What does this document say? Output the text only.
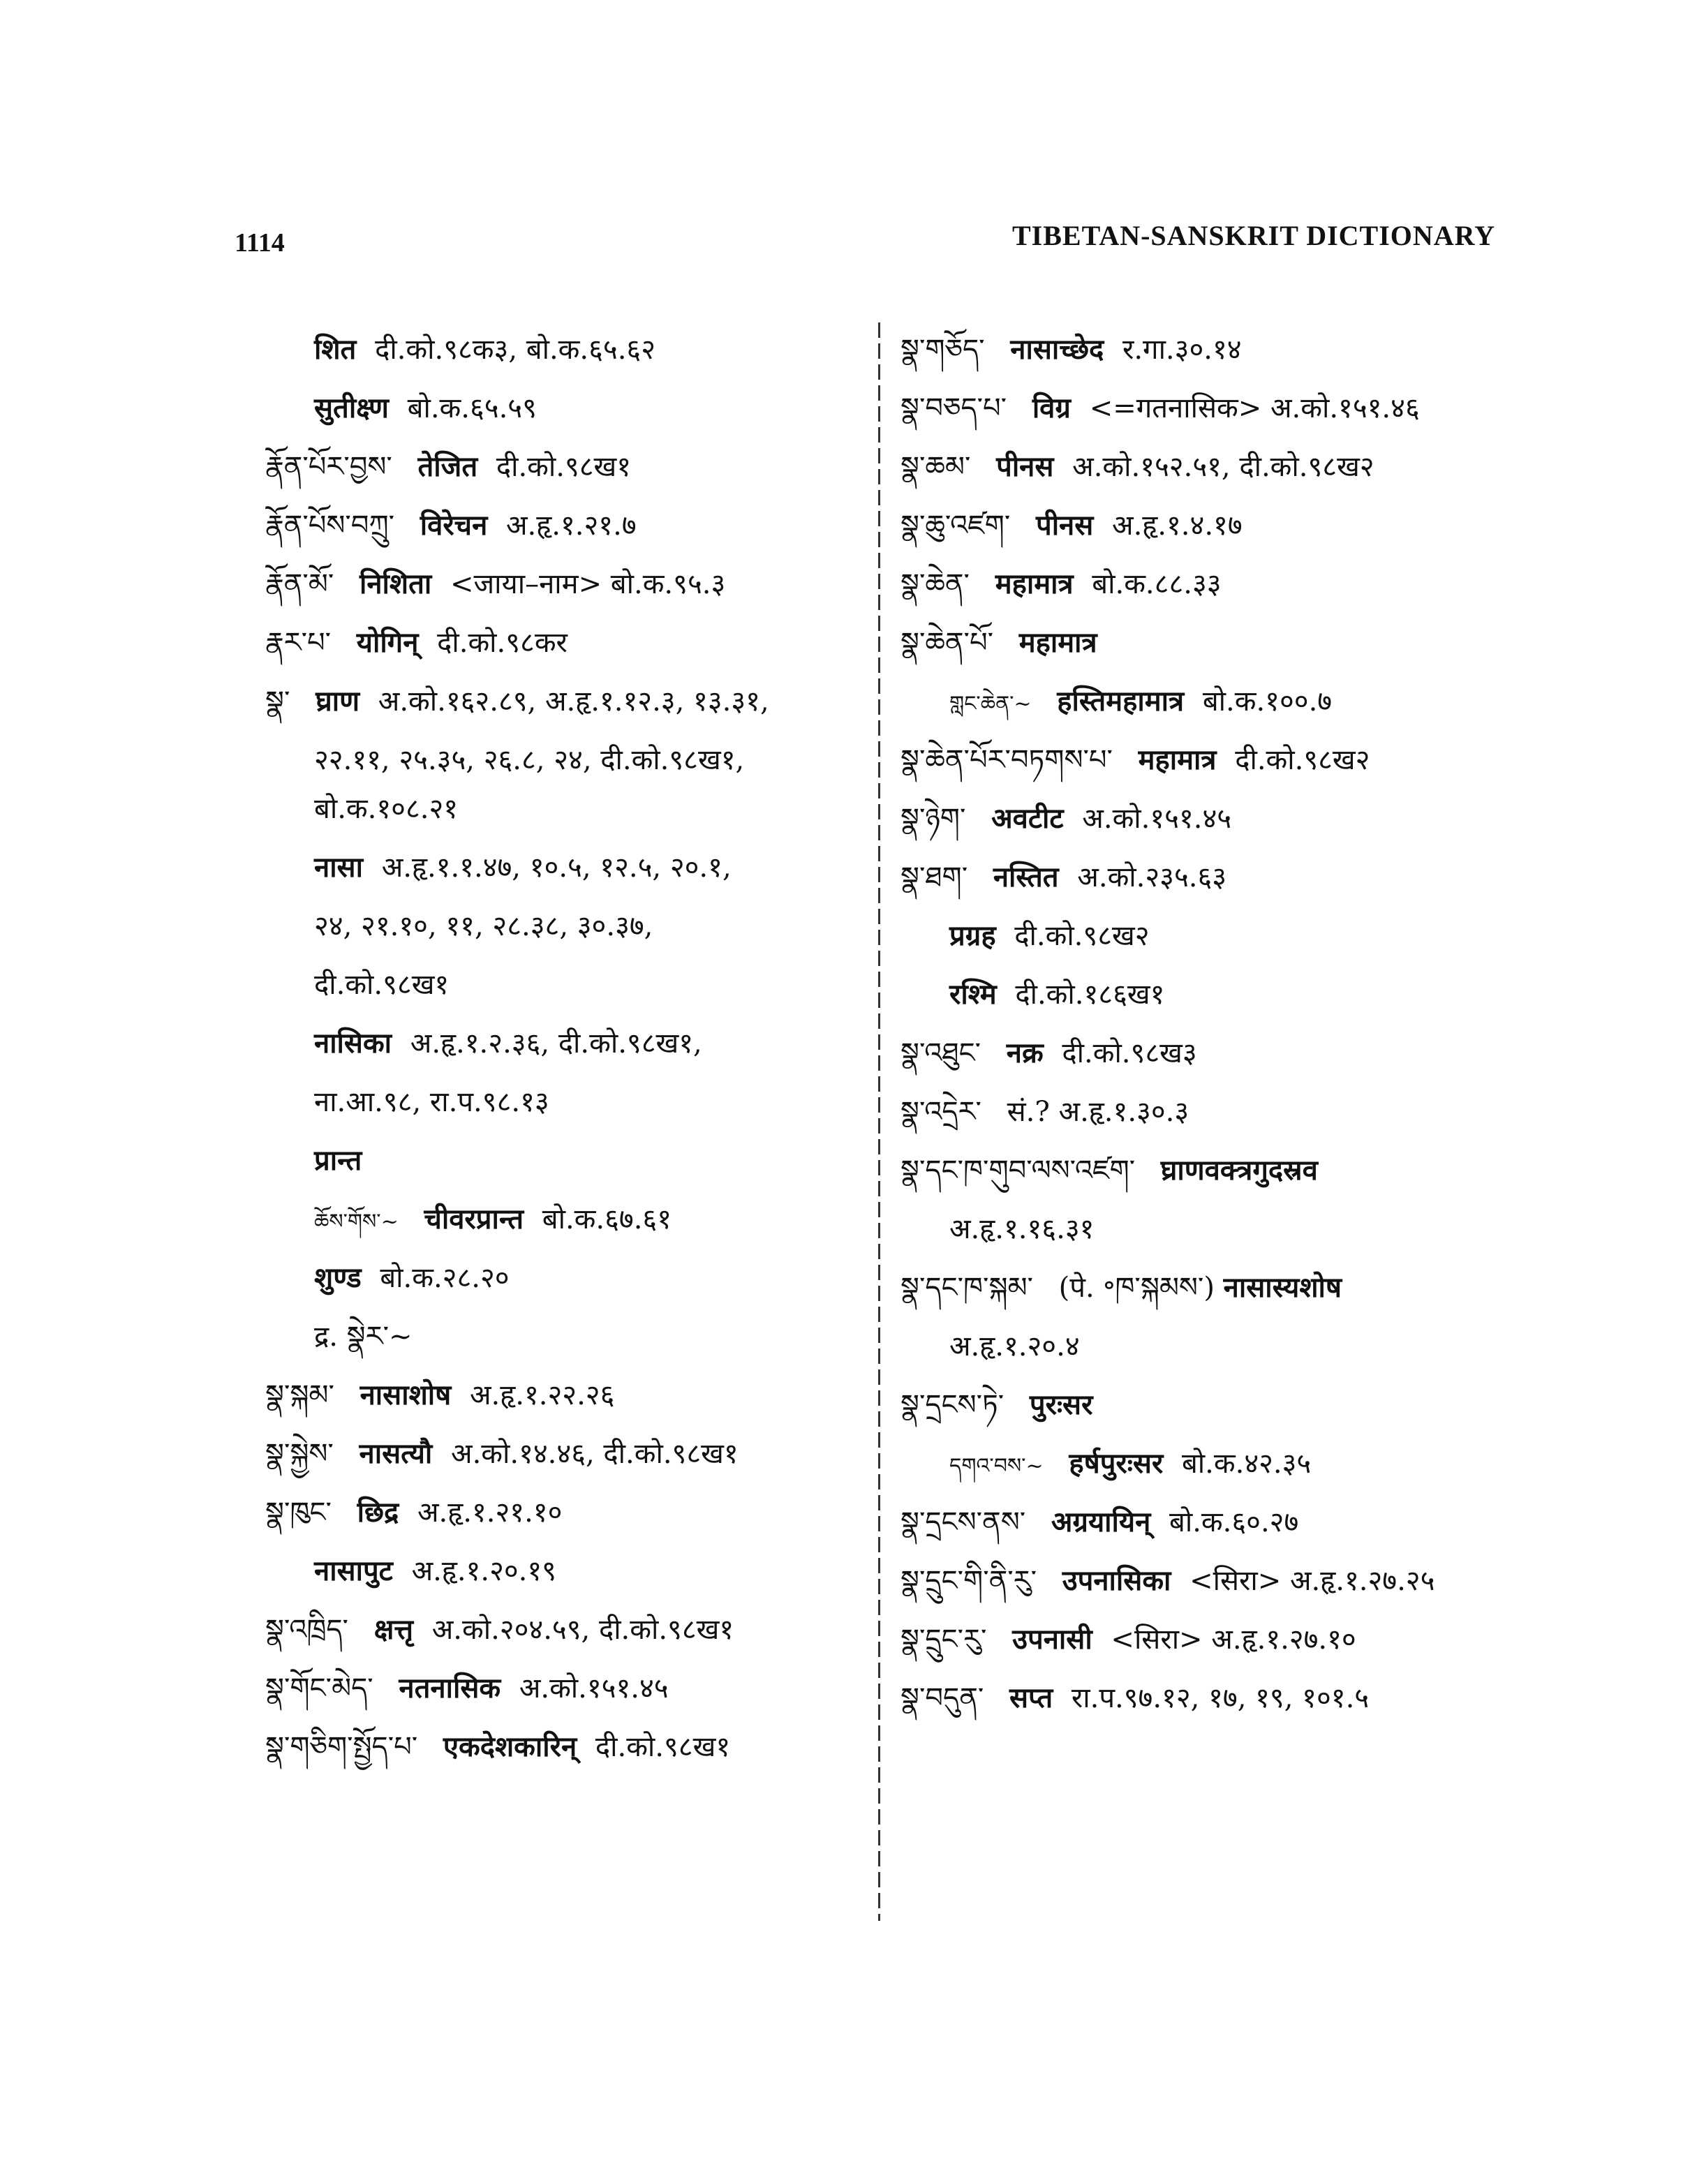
1114	TIBETAN-SANSKRIT DICTIONARY
शित दी.को.९८क३, बो.क.६५.६२
सुतीक्ष्ण बो.क.६५.५९
རྣོན་པོར་བྱས་ तेजित दी.को.९८ख१
རྣོན་པོས་བཀྲུ་ विरेचन अ.हृ.१.२१.७
རྣོན་མོ་ निशिता <जाया–नाम> बो.क.९५.३
རྣར་པ་ योगिन् दी.को.९८कर
སྣ་ घ्राण अ.को.१६२.८९, अ.हृ.१.१२.३, १३.३१,
२२.११, २५.३५, २६.८, २४, दी.को.९८ख१,
बो.क.१०८.२१
नासा अ.हृ.१.१.४७, १०.५, १२.५, २०.१,
२४, २१.१०, ११, २८.३८, ३०.३७,
दी.को.९८ख१
नासिका अ.हृ.१.२.३६, दी.को.९८ख१,
ना.आ.९८, रा.प.९८.१३
प्रान्त
ཆོས་གོས་~ चीवरप्रान्त बो.क.६७.६१
शुण्ड बो.क.२८.२०
द्र. སྣེར་~
སྣ་སྐམ་ नासाशोष अ.हृ.१.२२.२६
སྣ་སྐྱེས་ नासत्यौ अ.को.१४.४६, दी.को.९८ख१
སྣ་ཁུང་ छिद्र अ.हृ.१.२१.१०
नासापुट अ.हृ.१.२०.१९
སྣ་འཁྲིད་ क्षत्तृ अ.को.२०४.५९, दी.को.९८ख१
སྣ་གོང་མེད་ नतनासिक अ.को.१५१.४५
སྣ་གཅིག་སྤྱོད་པ་ एकदेशकारिन् दी.को.९८ख१
སྣ་གཅོད་ नासाच्छेद र.गा.३०.१४
སྣ་བཅད་པ་ विग्र <=गतनासिक> अ.को.१५१.४६
སྣ་ཆམ་ पीनस अ.को.१५२.५१, दी.को.९८ख२
སྣ་ཆུ་འཛག་ पीनस अ.हृ.१.४.१७
སྣ་ཆེན་ महामात्र बो.क.८८.३३
སྣ་ཆེན་པོ་ महामात्र
གླང་ཆེན་~ हस्तिमहामात्र बो.क.१००.७
སྣ་ཆེན་པོར་བཏགས་པ་ महामात्र दी.को.९८ख२
སྣ་ཉེག་ अवटीट अ.को.१५१.४५
སྣ་ཐག་ नस्तित अ.को.२३५.६३
प्रग्रह दी.को.९८ख२
रश्मि दी.को.१८६ख१
སྣ་འཐུང་ नक्र दी.को.९८ख३
སྣ་འདྲེར་ सं.? अ.हृ.१.३०.३
སྣ་དང་ཁ་གུབ་ལས་འཛག་ घ्राणवक्त्रगुदस्रव
अ.हृ.१.१६.३१
སྣ་དང་ཁ་སྐམ་ (पे. ॰ཁ་སྐམས་) नासास्यशोष
अ.हृ.१.२०.४
སྣ་དྲངས་ཏེ་ पुरःसर
དགའ་བས་~ हर्षपुरःसर बो.क.४२.३५
སྣ་དྲངས་ནས་ अग्रयायिन् बो.क.६०.२७
སྣ་དྲུང་གི་ནི་རུ་ उपनासिका <सिरा> अ.हृ.१.२७.२५
སྣ་དྲུང་རུ་ उपनासी <सिरा> अ.हृ.१.२७.१०
སྣ་བདུན་ सप्त रा.प.९७.१२, १७, १९, १०१.५
